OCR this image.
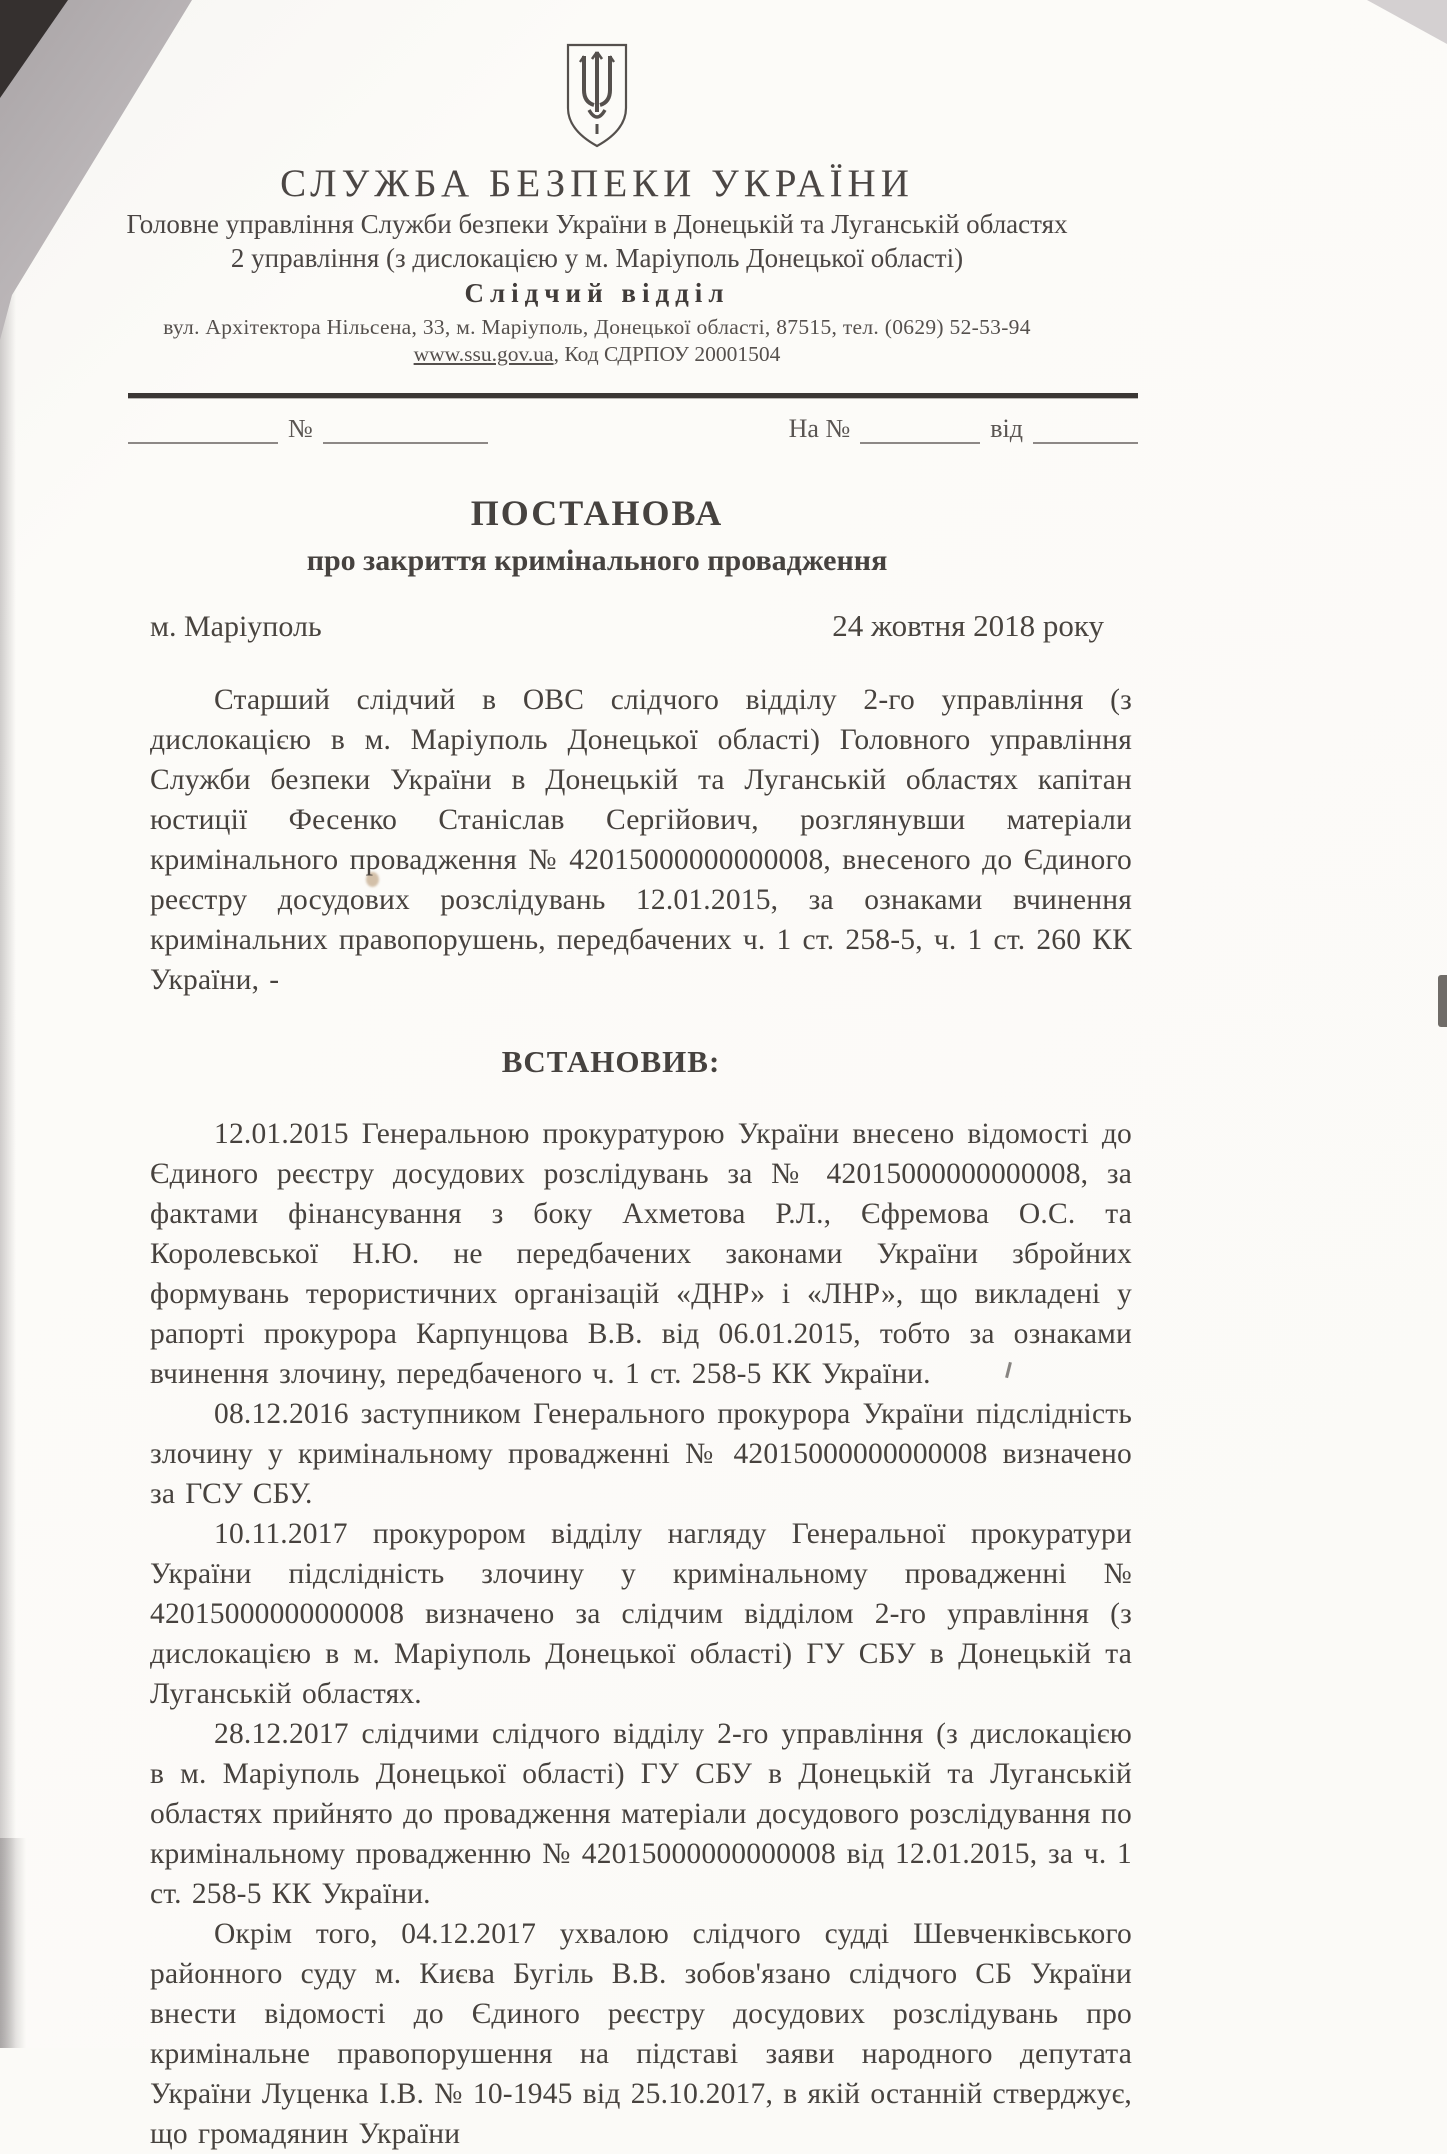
СЛУЖБА БЕЗПЕКИ УКРАЇНИ
Головне управління Служби безпеки України в Донецькій та Луганській областях
2 управління (з дислокацією у м. Маріуполь Донецької області)
Слідчий відділ
вул. Архітектора Нільсена, 33, м. Маріуполь, Донецької області, 87515, тел. (0629) 52-53-94
www.ssu.gov.ua, Код СДРПОУ 20001504
№	На №	від
ПОСТАНОВА
про закриття кримінального провадження
м. Маріуполь	24 жовтня 2018 року

Старший слідчий в ОВС слідчого відділу 2-го управління (з дислокацією в м. Маріуполь Донецької області) Головного управління Служби безпеки України в Донецькій та Луганській областях капітан юстиції Фесенко Станіслав Сергійович, розглянувши матеріали кримінального провадження № 42015000000000008, внесеного до Єдиного реєстру досудових розслідувань 12.01.2015, за ознаками вчинення кримінальних правопорушень, передбачених ч. 1 ст. 258-5, ч. 1 ст. 260 КК України, -

ВСТАНОВИВ:

12.01.2015 Генеральною прокуратурою України внесено відомості до Єдиного реєстру досудових розслідувань за № 42015000000000008, за фактами фінансування з боку Ахметова Р.Л., Єфремова О.С. та Королевської Н.Ю. не передбачених законами України збройних формувань терористичних організацій «ДНР» і «ЛНР», що викладені у рапорті прокурора Карпунцова В.В. від 06.01.2015, тобто за ознаками вчинення злочину, передбаченого ч. 1 ст. 258-5 КК України.

08.12.2016 заступником Генерального прокурора України підслідність злочину у кримінальному провадженні № 42015000000000008 визначено за ГСУ СБУ.

10.11.2017 прокурором відділу нагляду Генеральної прокуратури України підслідність злочину у кримінальному провадженні № 42015000000000008 визначено за слідчим відділом 2-го управління (з дислокацією в м. Маріуполь Донецької області) ГУ СБУ в Донецькій та Луганській областях.

28.12.2017 слідчими слідчого відділу 2-го управління (з дислокацією в м. Маріуполь Донецької області) ГУ СБУ в Донецькій та Луганській областях прийнято до провадження матеріали досудового розслідування по кримінальному провадженню № 42015000000000008 від 12.01.2015, за ч. 1 ст. 258-5 КК України.

Окрім того, 04.12.2017 ухвалою слідчого судді Шевченківського районного суду м. Києва Бугіль В.В. зобов'язано слідчого СБ України внести відомості до Єдиного реєстру досудових розслідувань про кримінальне правопорушення на підставі заяви народного депутата України Луценка І.В. № 10-1945 від 25.10.2017, в якій останній стверджує, що громадянин України
